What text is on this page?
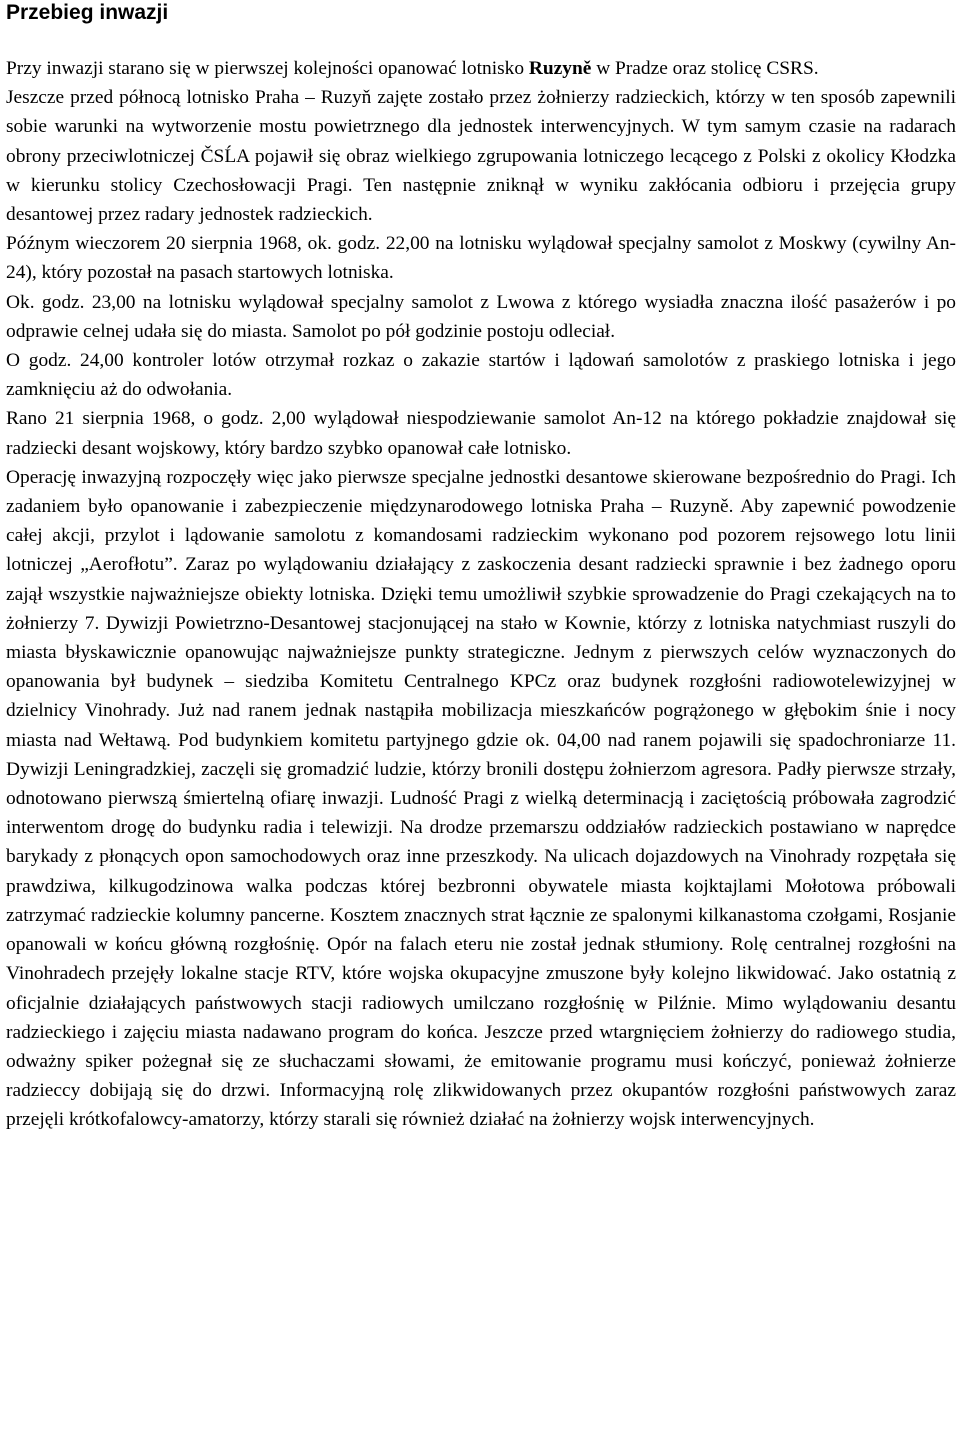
Przebieg inwazji

Przy inwazji starano się w pierwszej kolejności opanować lotnisko Ruzyně w Pradze oraz stolicę CSRS.

Jeszcze przed północą lotnisko Praha – Ruzyň zajęte zostało przez żołnierzy radzieckich, którzy w ten sposób zapewnili sobie warunki na wytworzenie mostu powietrznego dla jednostek interwencyjnych. W tym samym czasie na radarach obrony przeciwlotniczej ČSĹA pojawił się obraz wielkiego zgrupowania lotniczego lecącego z Polski z okolicy Kłodzka w kierunku stolicy Czechosłowacji Pragi. Ten następnie zniknął w wyniku zakłócania odbioru i przejęcia grupy desantowej przez radary jednostek radzieckich.

Późnym wieczorem 20 sierpnia 1968, ok. godz. 22,00 na lotnisku wylądował specjalny samolot z Moskwy (cywilny An-24), który pozostał na pasach startowych lotniska.

Ok. godz. 23,00 na lotnisku wylądował specjalny samolot z Lwowa z którego wysiadła znaczna ilość pasażerów i po odprawie celnej udała się do miasta. Samolot po pół godzinie postoju odleciał.

O godz. 24,00 kontroler lotów otrzymał rozkaz o zakazie startów i lądowań samolotów z praskiego lotniska i jego zamknięciu aż do odwołania.

Rano 21 sierpnia 1968, o godz. 2,00 wylądował niespodziewanie samolot An-12 na którego pokładzie znajdował się radziecki desant wojskowy, który bardzo szybko opanował całe lotnisko.

Operację inwazyjną rozpoczęły więc jako pierwsze specjalne jednostki desantowe skierowane bezpośrednio do Pragi. Ich zadaniem było opanowanie i zabezpieczenie międzynarodowego lotniska Praha – Ruzyně. Aby zapewnić powodzenie całej akcji, przylot i lądowanie samolotu z komandosami radzieckim wykonano pod pozorem rejsowego lotu linii lotniczej „Aerofłotu”. Zaraz po wylądowaniu działający z zaskoczenia desant radziecki sprawnie i bez żadnego oporu zajął wszystkie najważniejsze obiekty lotniska. Dzięki temu umożliwił szybkie sprowadzenie do Pragi czekających na to żołnierzy 7. Dywizji Powietrzno-Desantowej stacjonującej na stało w Kownie, którzy z lotniska natychmiast ruszyli do miasta błyskawicznie opanowując najważniejsze punkty strategiczne. Jednym z pierwszych celów wyznaczonych do opanowania był budynek – siedziba Komitetu Centralnego KPCz oraz budynek rozgłośni radiowotelewizyjnej w dzielnicy Vinohrady. Już nad ranem jednak nastąpiła mobilizacja mieszkańców pogrążonego w głębokim śnie i nocy miasta nad Wełtawą. Pod budynkiem komitetu partyjnego gdzie ok. 04,00 nad ranem pojawili się spadochroniarze 11. Dywizji Leningradzkiej, zaczęli się gromadzić ludzie, którzy bronili dostępu żołnierzom agresora. Padły pierwsze strzały, odnotowano pierwszą śmiertelną ofiarę inwazji. Ludność Pragi z wielką determinacją i zaciętością próbowała zagrodzić interwentom drogę do budynku radia i telewizji. Na drodze przemarszu oddziałów radzieckich postawiano w naprędce barykady z płonących opon samochodowych oraz inne przeszkody. Na ulicach dojazdowych na Vinohrady rozpętała się prawdziwa, kilkugodzinowa walka podczas której bezbronni obywatele miasta kojktajlami Mołotowa próbowali zatrzymać radzieckie kolumny pancerne. Kosztem znacznych strat łącznie ze spalonymi kilkanastoma czołgami, Rosjanie opanowali w końcu główną rozgłośnię. Opór na falach eteru nie został jednak stłumiony. Rolę centralnej rozgłośni na Vinohradech przejęły lokalne stacje RTV, które wojska okupacyjne zmuszone były kolejno likwidować. Jako ostatnią z oficjalnie działających państwowych stacji radiowych umilczano rozgłośnię w Pilźnie. Mimo wylądowaniu desantu radzieckiego i zajęciu miasta nadawano program do końca. Jeszcze przed wtargnięciem żołnierzy do radiowego studia, odważny spiker pożegnał się ze słuchaczami słowami, że emitowanie programu musi kończyć, ponieważ żołnierze radzieccy dobijają się do drzwi. Informacyjną rolę zlikwidowanych przez okupantów rozgłośni państwowych zaraz przejęli krótkofalowcy-amatorzy, którzy starali się również działać na żołnierzy wojsk interwencyjnych.
